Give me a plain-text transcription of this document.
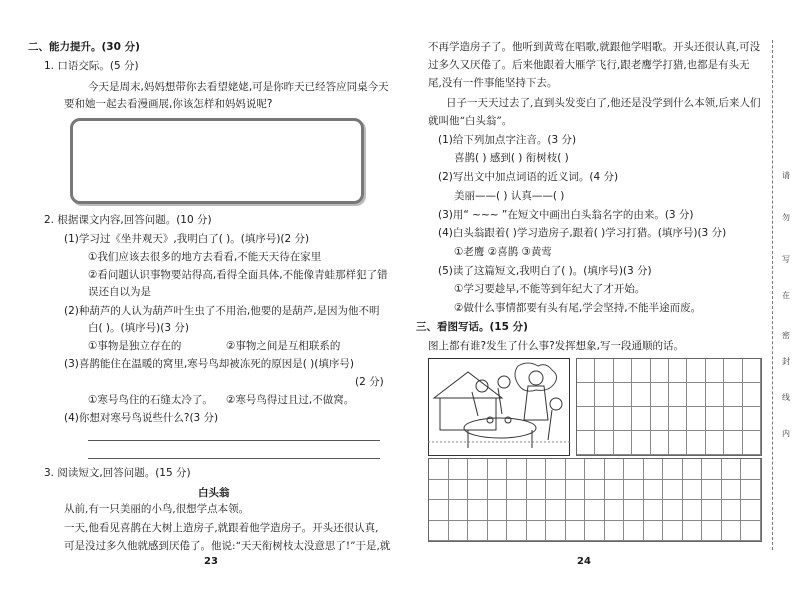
二、能力提升。(30 分)
1. 口语交际。(5 分)
今天是周末,妈妈想带你去看望姥姥,可是你昨天已经答应同桌今天
要和她一起去看漫画展,你该怎样和妈妈说呢?
2. 根据课文内容,回答问题。(10 分)
(1)学习过《坐井观天》,我明白了( )。(填序号)(2 分)
①我们应该去很多的地方去看看,不能天天待在家里
②看问题认识事物要站得高,看得全面具体,不能像青蛙那样犯了错
误还自以为是
(2)种葫芦的人认为葫芦叶生虫了不用治,他要的是葫芦,是因为他不明
白( )。(填序号)(3 分)
①事物是独立存在的	②事物之间是互相联系的
(3)喜鹊能住在温暖的窝里,寒号鸟却被冻死的原因是( )(填序号)
(2 分)
①寒号鸟住的石缝太冷了。 ②寒号鸟得过且过,不做窝。
(4)你想对寒号鸟说些什么?(3 分)
3. 阅读短文,回答问题。(15 分)
白头翁
从前,有一只美丽的小鸟,很想学点本领。
一天,他看见喜鹊在大树上造房子,就跟着他学造房子。开头还很认真,
可是没过多久他就感到厌倦了。他说:“天天衔树枝太没意思了!”于是,就
23
不再学造房子了。他听到黄莺在唱歌,就跟他学唱歌。开头还很认真,可没
过多久又厌倦了。后来他跟着大雁学飞行,跟老鹰学打猎,也都是有头无
尾,没有一件事能坚持下去。
日子一天天过去了,直到头发变白了,他还是没学到什么本领,后来人们
就叫他“白头翁”。
(1)给下列加点字注音。(3 分)
喜鹊( ) 感到( ) 衔树枝( )
(2)写出文中加点词语的近义词。(4 分)
美丽——( ) 认真——( )
(3)用“ ~~~ ”在短文中画出白头翁名字的由来。(3 分)
(4)白头翁跟着( )学习造房子,跟着( )学习打猎。(填序号)(3 分)
①老鹰 ②喜鹊 ③黄莺
(5)读了这篇短文,我明白了( )。(填序号)(3 分)
①学习要趁早,不能等到年纪大了才开始。
②做什么事情都要有头有尾,学会坚持,不能半途而废。
三、看图写话。(15 分)
图上都有谁?发生了什么事?发挥想象,写一段通顺的话。
24
请
勿
写
在
密
封
线
内
